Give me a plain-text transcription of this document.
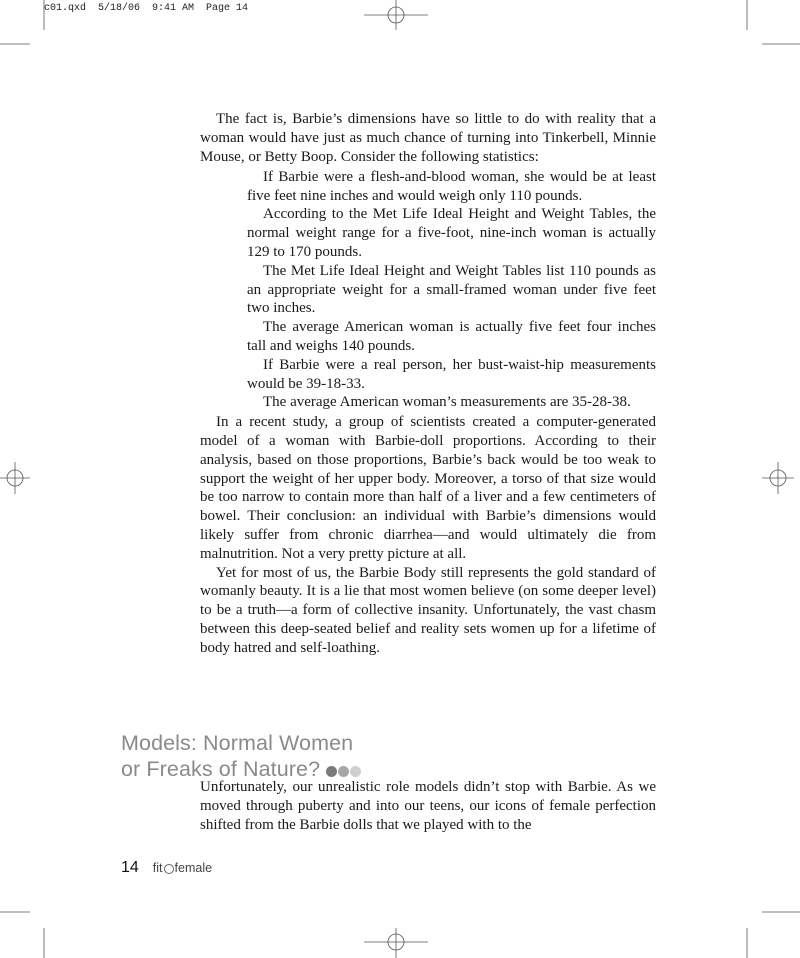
c01.qxd  5/18/06  9:41 AM  Page 14

The fact is, Barbie’s dimensions have so little to do with reality that a woman would have just as much chance of turning into Tinkerbell, Minnie Mouse, or Betty Boop. Consider the following statistics:

If Barbie were a flesh-and-blood woman, she would be at least five feet nine inches and would weigh only 110 pounds.

According to the Met Life Ideal Height and Weight Tables, the normal weight range for a five-foot, nine-inch woman is actually 129 to 170 pounds.

The Met Life Ideal Height and Weight Tables list 110 pounds as an appropriate weight for a small-framed woman under five feet two inches.

The average American woman is actually five feet four inches tall and weighs 140 pounds.

If Barbie were a real person, her bust-waist-hip measurements would be 39-18-33.

The average American woman’s measurements are 35-28-38.

In a recent study, a group of scientists created a computer-generated model of a woman with Barbie-doll proportions. According to their analysis, based on those proportions, Barbie’s back would be too weak to support the weight of her upper body. Moreover, a torso of that size would be too narrow to contain more than half of a liver and a few centimeters of bowel. Their conclusion: an individual with Barbie’s dimensions would likely suffer from chronic diarrhea—and would ultimately die from malnutrition. Not a very pretty picture at all.

Yet for most of us, the Barbie Body still represents the gold standard of womanly beauty. It is a lie that most women believe (on some deeper level) to be a truth—a form of collective insanity. Unfortunately, the vast chasm between this deep-seated belief and reality sets women up for a lifetime of body hatred and self-loathing.

Models: Normal Women
or Freaks of Nature?

Unfortunately, our unrealistic role models didn’t stop with Barbie. As we moved through puberty and into our teens, our icons of female perfection shifted from the Barbie dolls that we played with to the

14 fit female
